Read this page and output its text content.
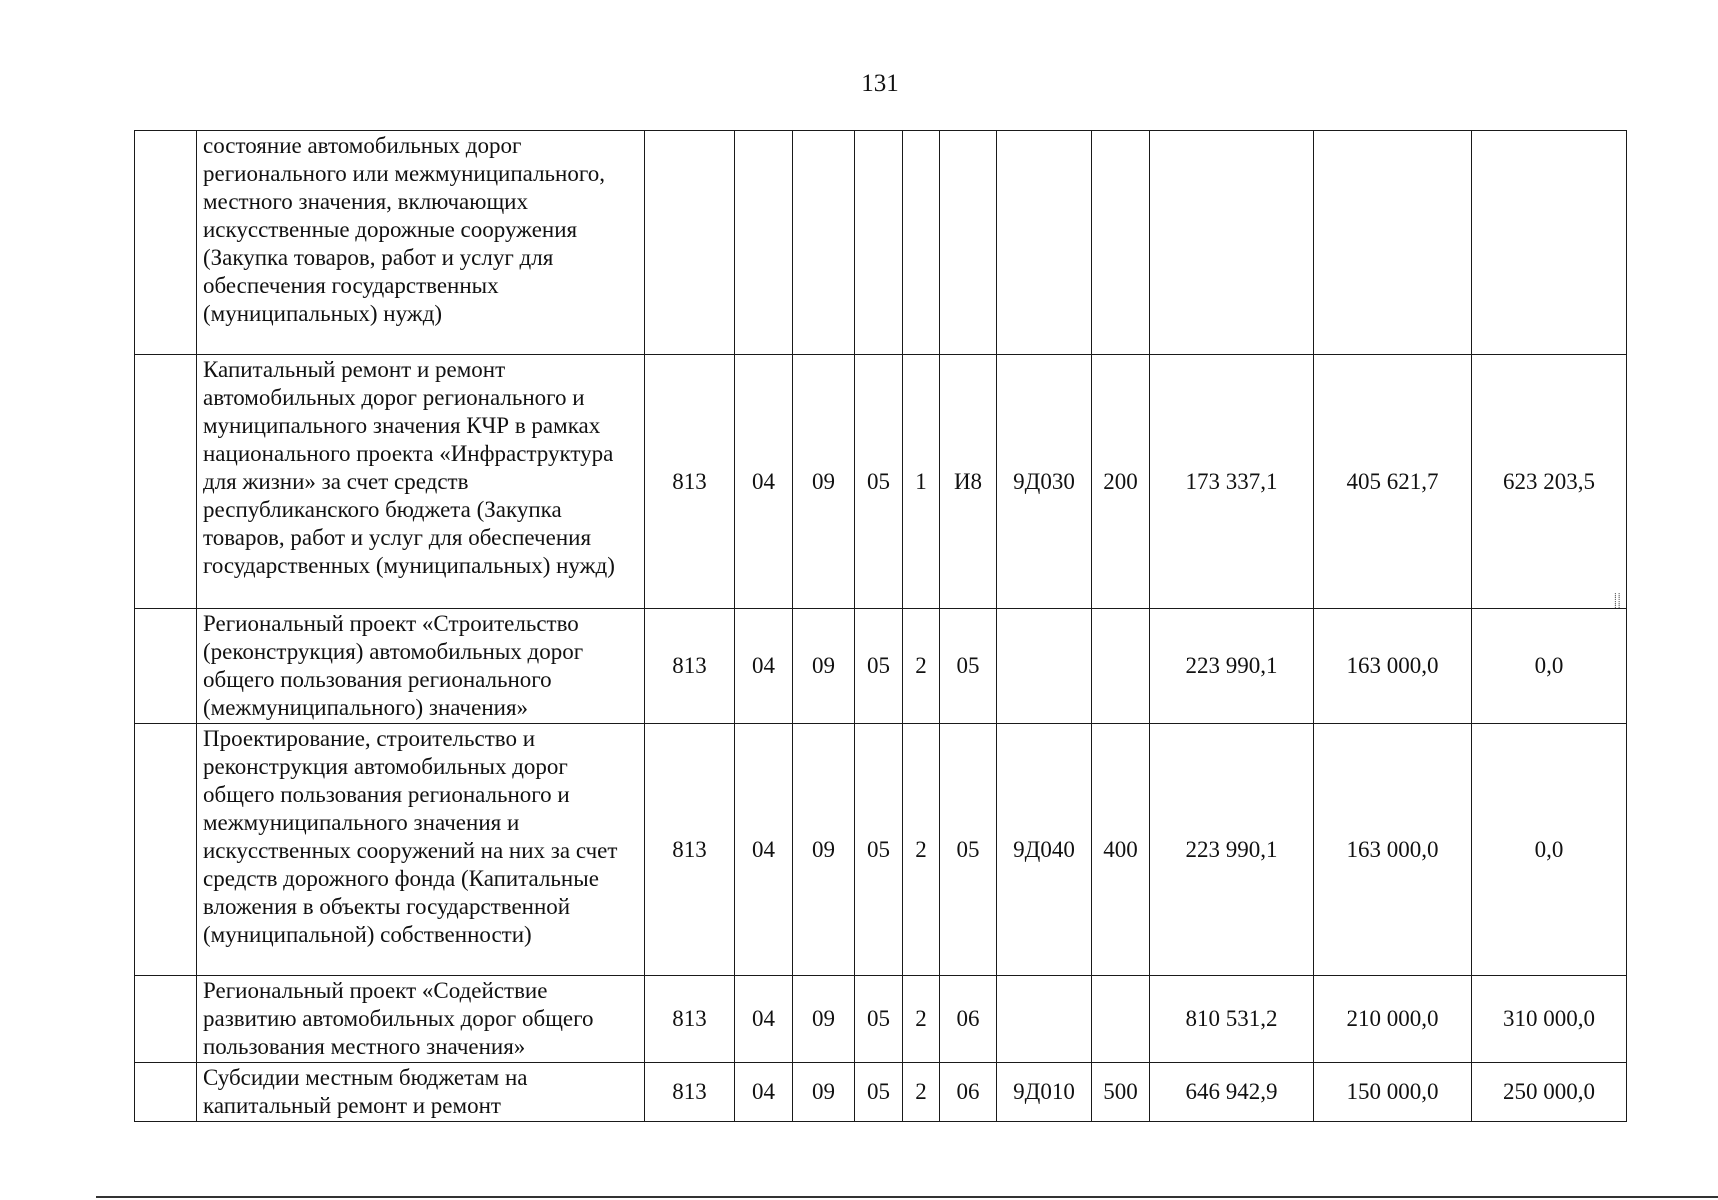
131
	состояние автомобильных дорог регионального или межмуниципального, местного значения, включающих искусственные дорожные сооружения (Закупка товаров, работ и услуг для обеспечения государственных (муниципальных) нужд)											
	Капитальный ремонт и ремонт автомобильных дорог регионального и муниципального значения КЧР в рамках национального проекта «Инфраструктура для жизни» за счет средств республиканского бюджета (Закупка товаров, работ и услуг для обеспечения государственных (муниципальных) нужд)	813	04	09	05	1	И8	9Д030	200	173 337,1	405 621,7	623 203,5
	Региональный проект «Строительство (реконструкция) автомобильных дорог общего пользования регионального (межмуниципального) значения»	813	04	09	05	2	05			223 990,1	163 000,0	0,0
	Проектирование, строительство и реконструкция автомобильных дорог общего пользования регионального и межмуниципального значения и искусственных сооружений на них за счет средств дорожного фонда (Капитальные вложения в объекты государственной (муниципальной) собственности)	813	04	09	05	2	05	9Д040	400	223 990,1	163 000,0	0,0
	Региональный проект «Содействие развитию автомобильных дорог общего пользования местного значения»	813	04	09	05	2	06			810 531,2	210 000,0	310 000,0
	Субсидии местным бюджетам на капитальный ремонт и ремонт	813	04	09	05	2	06	9Д010	500	646 942,9	150 000,0	250 000,0
⁞⁞
⁞⁞
